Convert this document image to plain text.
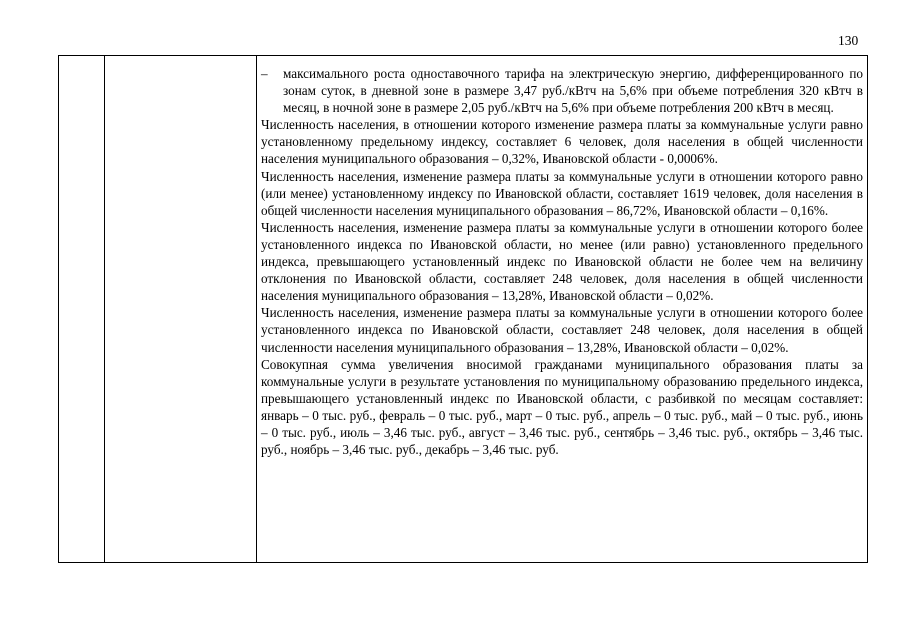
130

–	максимального роста одноставочного тарифа на электрическую энергию, дифференцированного по зонам суток, в дневной зоне в размере 3,47 руб./кВтч на 5,6% при объеме потребления 320 кВтч в месяц, в ночной зоне в размере 2,05 руб./кВтч на 5,6% при объеме потребления 200 кВтч в месяц.

Численность населения, в отношении которого изменение размера платы за коммунальные услуги равно установленному предельному индексу, составляет 6 человек, доля населения в общей численности населения муниципального образования – 0,32%, Ивановской области - 0,0006%.

Численность населения, изменение размера платы за коммунальные услуги в отношении которого равно (или менее) установленному индексу по Ивановской области, составляет 1619 человек, доля населения в общей численности населения муниципального образования – 86,72%, Ивановской области – 0,16%.

Численность населения, изменение размера платы за коммунальные услуги в отношении которого более установленного индекса по Ивановской области, но менее (или равно) установленного предельного индекса, превышающего установленный индекс по Ивановской области не более чем на величину отклонения по Ивановской области, составляет 248 человек, доля населения в общей численности населения муниципального образования – 13,28%, Ивановской области – 0,02%.

Численность населения, изменение размера платы за коммунальные услуги в отношении которого более установленного индекса по Ивановской области, составляет 248 человек, доля населения в общей численности населения муниципального образования – 13,28%, Ивановской области – 0,02%.

Совокупная сумма увеличения вносимой гражданами муниципального образования платы за коммунальные услуги в результате установления по муниципальному образованию предельного индекса, превышающего установленный индекс по Ивановской области, с разбивкой по месяцам составляет: январь – 0 тыс. руб., февраль – 0 тыс. руб., март – 0 тыс. руб., апрель – 0 тыс. руб., май – 0 тыс. руб., июнь – 0 тыс. руб., июль – 3,46 тыс. руб., август – 3,46 тыс. руб., сентябрь – 3,46 тыс. руб., октябрь – 3,46 тыс. руб., ноябрь – 3,46 тыс. руб., декабрь – 3,46 тыс. руб.
